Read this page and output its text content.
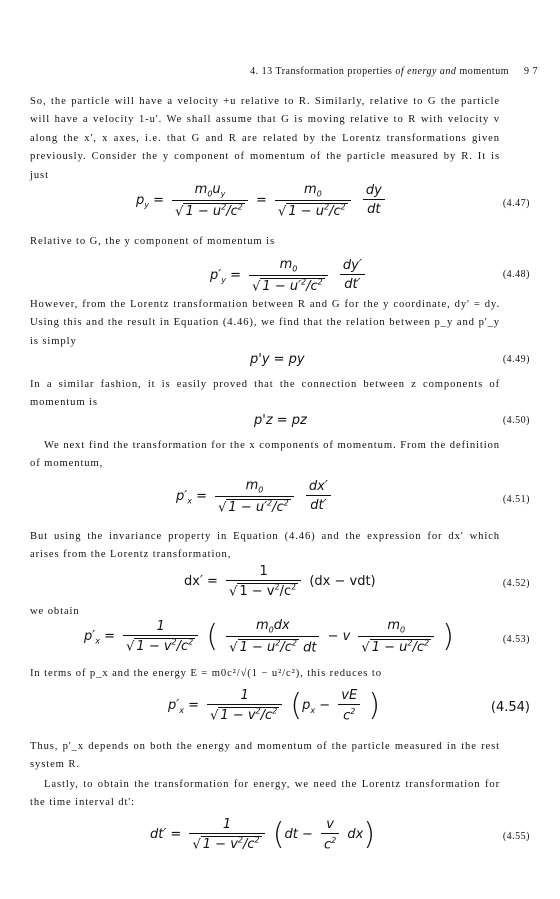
4. 13 Transformation properties of energy and momentum 9 7
So, the particle will have a velocity +u relative to R. Similarly, relative to G the particle will have a velocity 1-u'. We shall assume that G is moving relative to R with velocity v along the x', x axes, i.e. that G and R are related by the Lorentz transformations given previously. Consider the y component of momentum of the particle measured by R. It is just
$p_y = \frac{m_0u_y}{√ 1 - u^2/c^2} = \frac{m_0}{√ 1 - u^2/c^2}$
$\frac{dy}{dt}$	(4.47)
Relative to G, the y component of momentum is
$p'_y = \frac{m_0}{√ 1 - u'^2/c^2}$
$\frac{dy'}{dt'}$	(4.48)
However, from the Lorentz transformation between R and G for the y coordinate, dy' = dy. Using this and the result in Equation (4.46), we find that the relation between p_y and p'_y is simply
p'y = py	(4.49)
In a similar fashion, it is easily proved that the connection between z components of momentum is
p'z = pz	(4.50)
We next find the transformation for the x components of momentum. From the definition of momentum,
$p'_x = \frac{m_0}{√ 1 - u'^2/c^2}$
$\frac{dx'}{dt'}$	(4.51)
But using the invariance property in Equation (4.46) and the expression for dx' which arises from the Lorentz transformation,
$dx' = \frac{1}{√ 1 - v^2/c^2} (dx - vdt)$	(4.52)
we obtain
$p'_x = \frac{1}{√ 1 - v^2/c^2}$ ( $\frac{m_0dx}{√ 1 - u^2/c^2 dt} - v \frac{m_0}{√ 1 - u^2/c^2}$ )	(4.53)
In terms of p_x and the energy E = m0c²/√(1 − u²/c²), this reduces to
$p'_x = \frac{1}{√ 1 - v^2/c^2} (p_x - \frac{vE}{c^2}$ )	(4.54)
Thus, p'_x depends on both the energy and momentum of the particle measured in the rest system R.
Lastly, to obtain the transformation for energy, we need the Lorentz transformation for the time interval dt':
$dt' = \frac{1}{√ 1 - v^2/c^2} (dt - \frac{v}{c^2} dx)$	(4.55)
